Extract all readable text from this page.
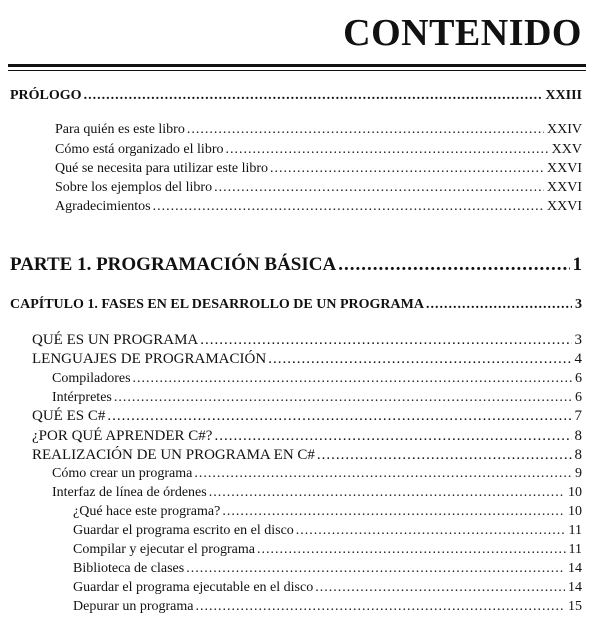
CONTENIDO
PRÓLOGO .....	XXIII
Para quién es este libro .....	XXIV
Cómo está organizado el libro .....	XXV
Qué se necesita para utilizar este libro .....	XXVI
Sobre los ejemplos del libro .....	XXVI
Agradecimientos .....	XXVI
PARTE 1. PROGRAMACIÓN BÁSICA .....	1
CAPÍTULO 1. FASES EN EL DESARROLLO DE UN PROGRAMA .....	3
QUÉ ES UN PROGRAMA .....	3
LENGUAJES DE PROGRAMACIÓN .....	4
Compiladores .....	6
Intérpretes .....	6
QUÉ ES C# .....	7
¿POR QUÉ APRENDER C#? .....	8
REALIZACIÓN DE UN PROGRAMA EN C# .....	8
Cómo crear un programa .....	9
Interfaz de línea de órdenes .....	10
¿Qué hace este programa? .....	10
Guardar el programa escrito en el disco .....	11
Compilar y ejecutar el programa .....	11
Biblioteca de clases .....	14
Guardar el programa ejecutable en el disco .....	14
Depurar un programa .....	15
